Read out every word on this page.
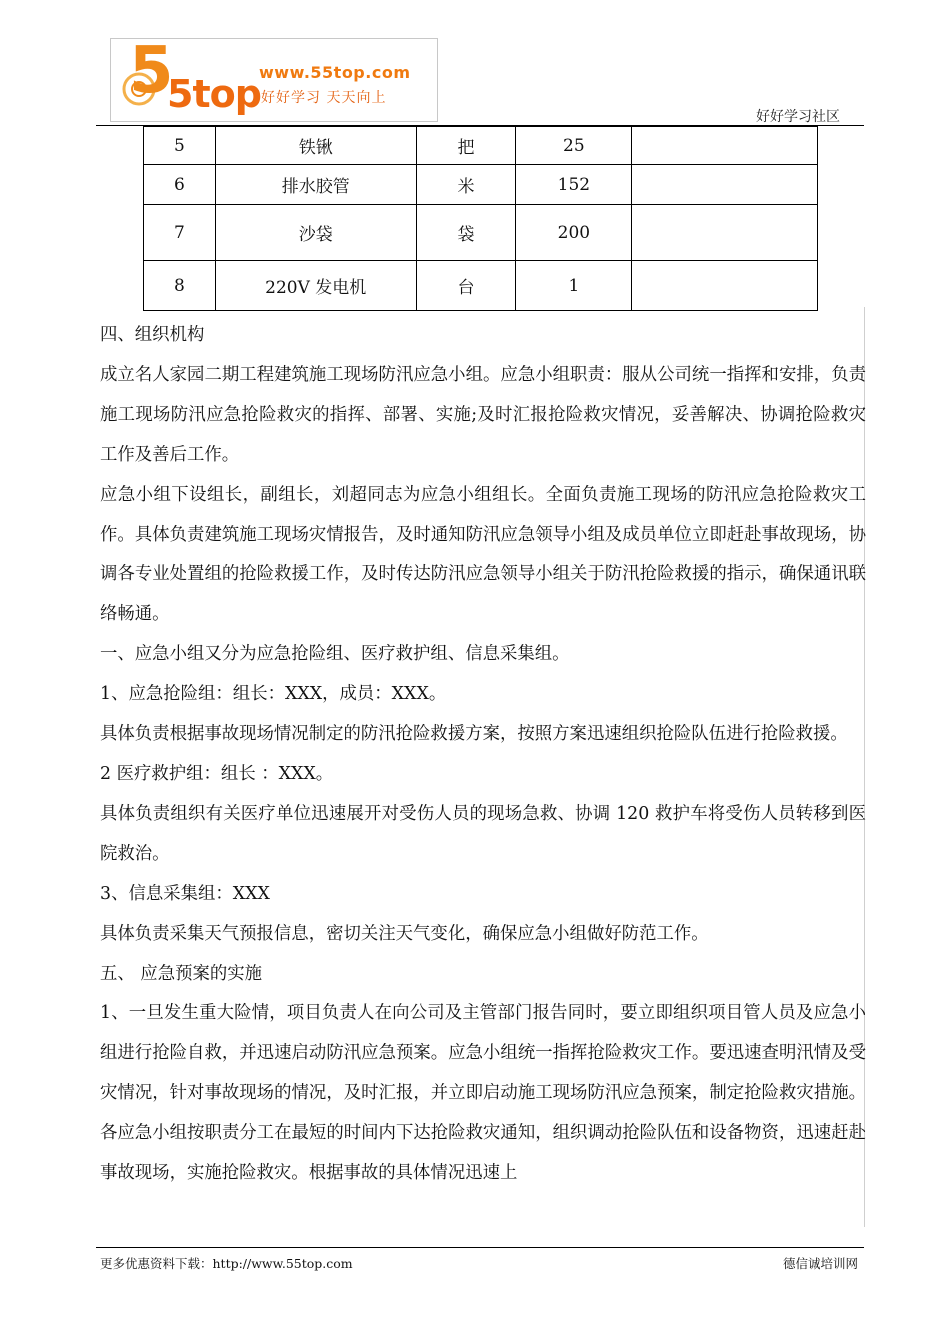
5
5top
www.55top.com
好好学习 天天向上
好好学习社区
5	铁锹	把	25	
6	排水胶管	米	152	
7	沙袋	袋	200	
8	220V 发电机	台	1	

四、组织机构

成立名人家园二期工程建筑施工现场防汛应急小组。应急小组职责：服从公司统一指挥和安排，负责施工现场防汛应急抢险救灾的指挥、部署、实施;及时汇报抢险救灾情况，妥善解决、协调抢险救灾工作及善后工作。

应急小组下设组长，副组长，刘超同志为应急小组组长。全面负责施工现场的防汛应急抢险救灾工作。具体负责建筑施工现场灾情报告，及时通知防汛应急领导小组及成员单位立即赶赴事故现场，协调各专业处置组的抢险救援工作，及时传达防汛应急领导小组关于防汛抢险救援的指示，确保通讯联络畅通。

一、应急小组又分为应急抢险组、医疗救护组、信息采集组。

1、应急抢险组：组长：XXX，成员：XXX。

具体负责根据事故现场情况制定的防汛抢险救援方案，按照方案迅速组织抢险队伍进行抢险救援。

2 医疗救护组：组长 ：XXX。

具体负责组织有关医疗单位迅速展开对受伤人员的现场急救、协调 120 救护车将受伤人员转移到医院救治。

3、信息采集组：XXX

具体负责采集天气预报信息，密切关注天气变化，确保应急小组做好防范工作。

五、 应急预案的实施

1、一旦发生重大险情，项目负责人在向公司及主管部门报告同时，要立即组织项目管人员及应急小组进行抢险自救，并迅速启动防汛应急预案。应急小组统一指挥抢险救灾工作。要迅速查明汛情及受灾情况，针对事故现场的情况，及时汇报，并立即启动施工现场防汛应急预案，制定抢险救灾措施。各应急小组按职责分工在最短的时间内下达抢险救灾通知，组织调动抢险队伍和设备物资，迅速赶赴事故现场，实施抢险救灾。根据事故的具体情况迅速上

更多优惠资料下载：http://www.55top.com	德信诚培训网
